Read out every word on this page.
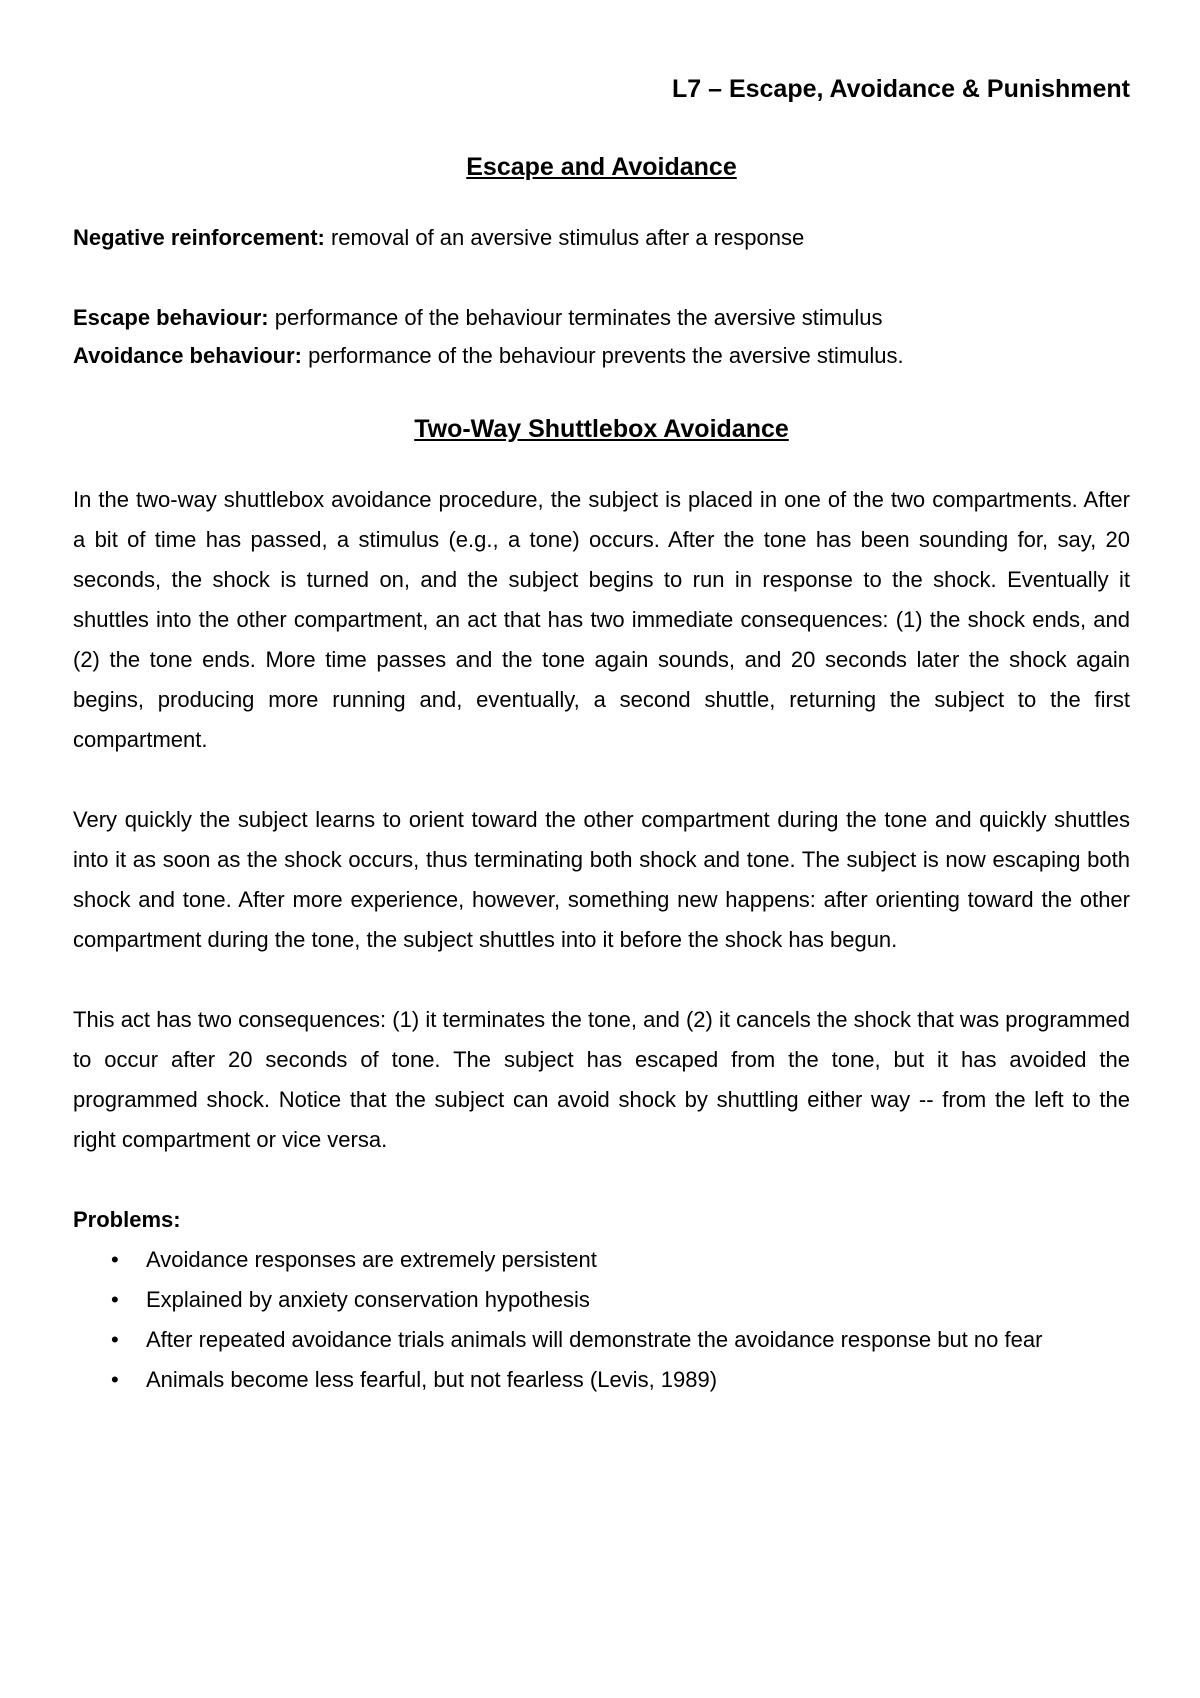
L7 – Escape, Avoidance & Punishment

Escape and Avoidance

Negative reinforcement: removal of an aversive stimulus after a response

Escape behaviour: performance of the behaviour terminates the aversive stimulus

Avoidance behaviour: performance of the behaviour prevents the aversive stimulus.

Two-Way Shuttlebox Avoidance

In the two-way shuttlebox avoidance procedure, the subject is placed in one of the two compartments. After a bit of time has passed, a stimulus (e.g., a tone) occurs. After the tone has been sounding for, say, 20 seconds, the shock is turned on, and the subject begins to run in response to the shock. Eventually it shuttles into the other compartment, an act that has two immediate consequences: (1) the shock ends, and (2) the tone ends. More time passes and the tone again sounds, and 20 seconds later the shock again begins, producing more running and, eventually, a second shuttle, returning the subject to the first compartment.

Very quickly the subject learns to orient toward the other compartment during the tone and quickly shuttles into it as soon as the shock occurs, thus terminating both shock and tone. The subject is now escaping both shock and tone. After more experience, however, something new happens: after orienting toward the other compartment during the tone, the subject shuttles into it before the shock has begun.

This act has two consequences: (1) it terminates the tone, and (2) it cancels the shock that was programmed to occur after 20 seconds of tone. The subject has escaped from the tone, but it has avoided the programmed shock. Notice that the subject can avoid shock by shuttling either way -- from the left to the right compartment or vice versa.

Problems:

• Avoidance responses are extremely persistent
• Explained by anxiety conservation hypothesis
• After repeated avoidance trials animals will demonstrate the avoidance response but no fear
• Animals become less fearful, but not fearless (Levis, 1989)
